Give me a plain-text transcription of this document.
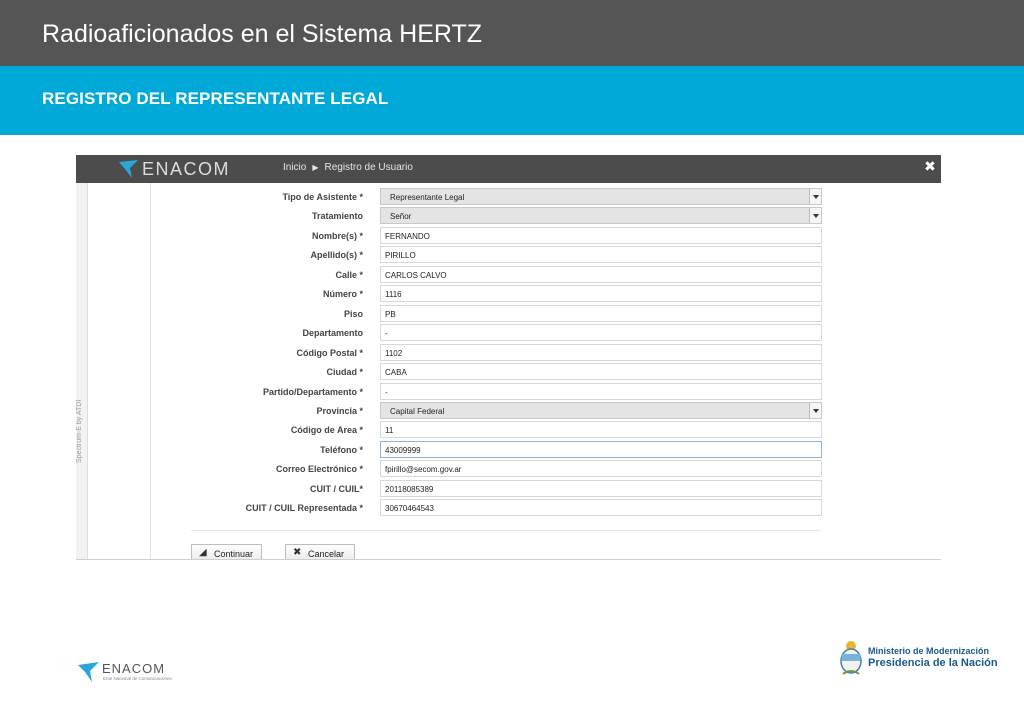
Radioaficionados en el Sistema HERTZ
REGISTRO DEL REPRESENTANTE LEGAL
ENACOM	Inicio ▶ Registro de Usuario	✖
Spectrum-E by ATDI
Tipo de Asistente *	Representante Legal
Tratamiento	Señor
Nombre(s) *	FERNANDO
Apellido(s) *	PIRILLO
Calle *	CARLOS CALVO
Número *	1116
Piso	PB
Departamento	-
Código Postal *	1102
Ciudad *	CABA
Partido/Departamento *	-
Provincia *	Capital Federal
Código de Area *	11
Teléfono *	43009999
Correo Electrónico *	fpirillo@secom.gov.ar
CUIT / CUIL*	20118085389
CUIT / CUIL Representada *	30670464543
◢ Continuar	✖ Cancelar
ENACOM
Ente Nacional de Comunicaciones
Ministerio de Modernización
Presidencia de la Nación
